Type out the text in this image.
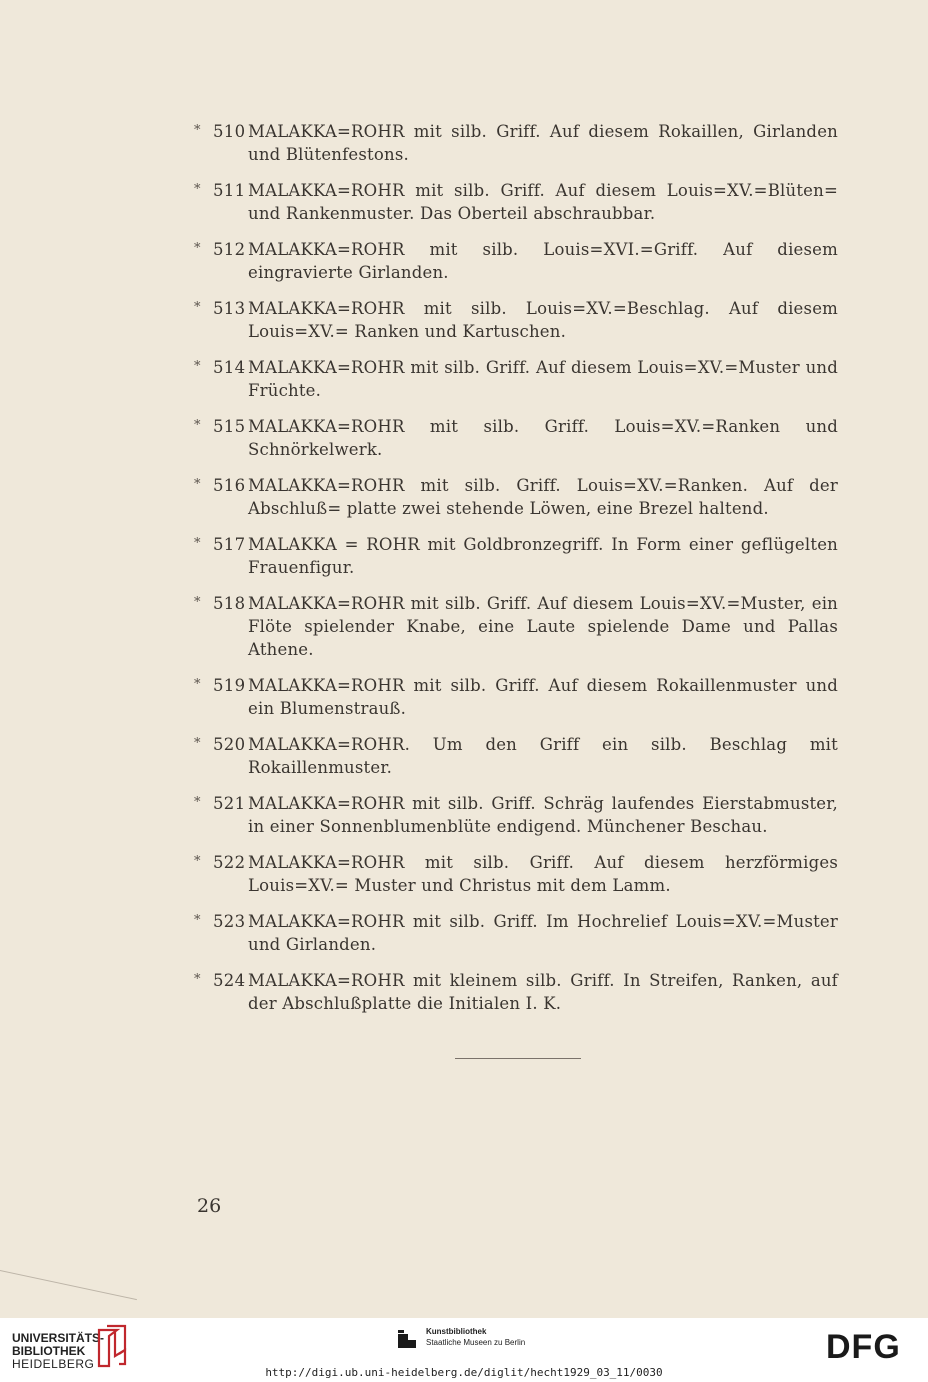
* 510 MALAKKA=ROHR mit silb. Griff. Auf diesem Rokaillen, Girlanden und Blütenfestons.
* 511 MALAKKA=ROHR mit silb. Griff. Auf diesem Louis=XV.=Blüten= und Rankenmuster. Das Oberteil abschraubbar.
* 512 MALAKKA=ROHR mit silb. Louis=XVI.=Griff. Auf diesem eingravierte Girlanden.
* 513 MALAKKA=ROHR mit silb. Louis=XV.=Beschlag. Auf diesem Louis=XV.= Ranken und Kartuschen.
* 514 MALAKKA=ROHR mit silb. Griff. Auf diesem Louis=XV.=Muster und Früchte.
* 515 MALAKKA=ROHR mit silb. Griff. Louis=XV.=Ranken und Schnörkelwerk.
* 516 MALAKKA=ROHR mit silb. Griff. Louis=XV.=Ranken. Auf der Abschluß= platte zwei stehende Löwen, eine Brezel haltend.
* 517 MALAKKA = ROHR mit Goldbronzegriff. In Form einer geflügelten Frauenfigur.
* 518 MALAKKA=ROHR mit silb. Griff. Auf diesem Louis=XV.=Muster, ein Flöte spielender Knabe, eine Laute spielende Dame und Pallas Athene.
* 519 MALAKKA=ROHR mit silb. Griff. Auf diesem Rokaillenmuster und ein Blumenstrauß.
* 520 MALAKKA=ROHR. Um den Griff ein silb. Beschlag mit Rokaillenmuster.
* 521 MALAKKA=ROHR mit silb. Griff. Schräg laufendes Eierstabmuster, in einer Sonnenblumenblüte endigend. Münchener Beschau.
* 522 MALAKKA=ROHR mit silb. Griff. Auf diesem herzförmiges Louis=XV.= Muster und Christus mit dem Lamm.
* 523 MALAKKA=ROHR mit silb. Griff. Im Hochrelief Louis=XV.=Muster und Girlanden.
* 524 MALAKKA=ROHR mit kleinem silb. Griff. In Streifen, Ranken, auf der Abschlußplatte die Initialen I. K.
26
UNIVERSITÄTS-
BIBLIOTHEK
HEIDELBERG
Kunstbibliothek
Staatliche Museen zu Berlin	DFG
http://digi.ub.uni-heidelberg.de/diglit/hecht1929_03_11/0030
